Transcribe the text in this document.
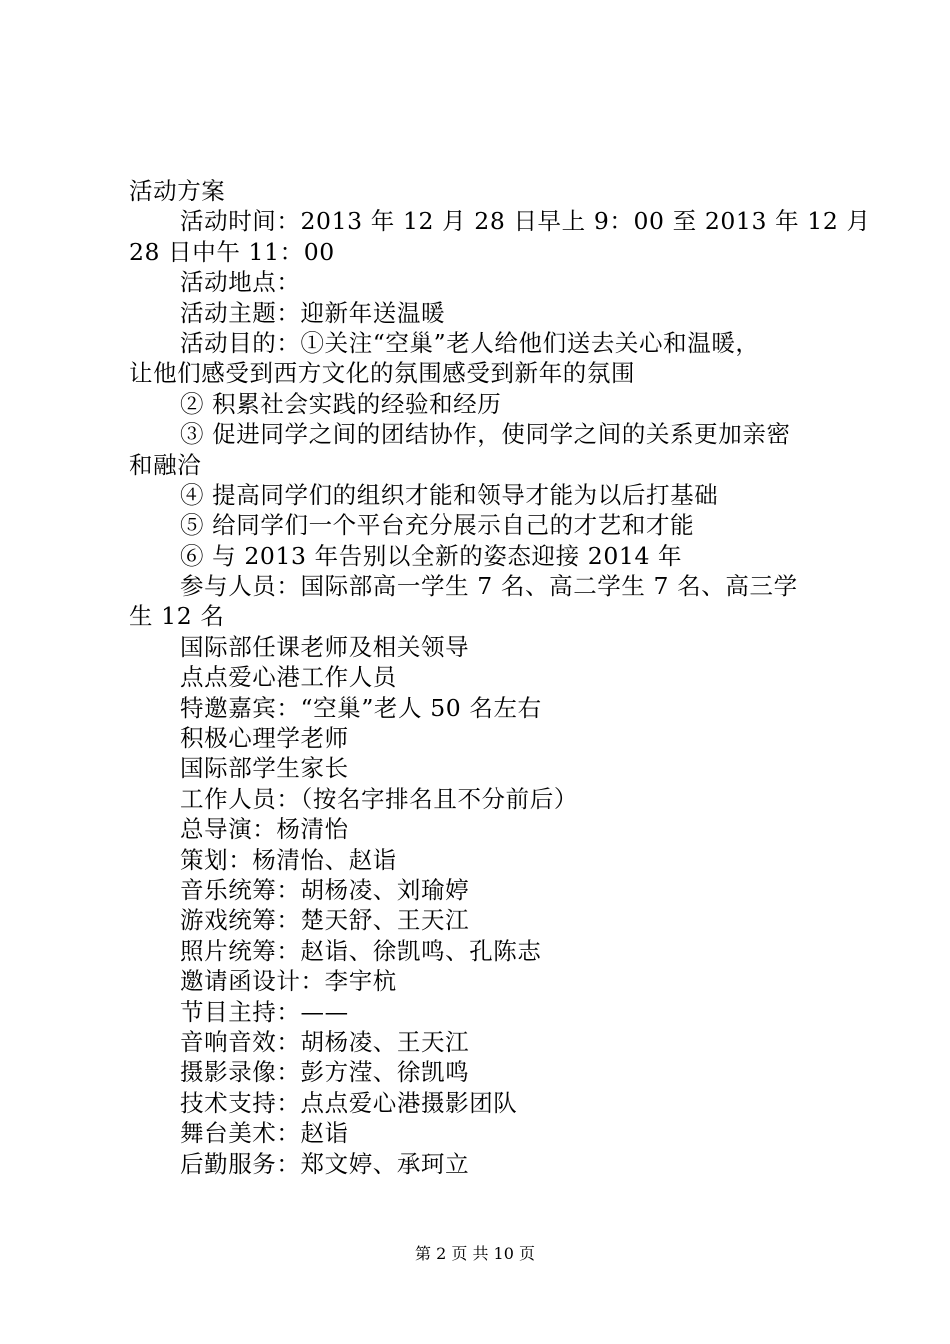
活动方案
活动时间：2013 年 12 月 28 日早上 9：00 至 2013 年 12 月
28 日中午 11：00
活动地点：
活动主题：迎新年送温暖
活动目的：①关注“空巢”老人给他们送去关心和温暖，
让他们感受到西方文化的氛围感受到新年的氛围
② 积累社会实践的经验和经历
③ 促进同学之间的团结协作，使同学之间的关系更加亲密
和融洽
④ 提高同学们的组织才能和领导才能为以后打基础
⑤ 给同学们一个平台充分展示自己的才艺和才能
⑥ 与 2013 年告别以全新的姿态迎接 2014 年
参与人员：国际部高一学生 7 名、高二学生 7 名、高三学
生 12 名
国际部任课老师及相关领导
点点爱心港工作人员
特邀嘉宾：“空巢”老人 50 名左右
积极心理学老师
国际部学生家长
工作人员：（按名字排名且不分前后）
总导演：杨清怡
策划：杨清怡、赵诣
音乐统筹：胡杨凌、刘瑜婷
游戏统筹：楚天舒、王天江
照片统筹：赵诣、徐凯鸣、孔陈志
邀请函设计：李宇杭
节目主持：——
音响音效：胡杨凌、王天江
摄影录像：彭方滢、徐凯鸣
技术支持：点点爱心港摄影团队
舞台美术：赵诣
后勤服务：郑文婷、承珂立
第 2 页 共 10 页
